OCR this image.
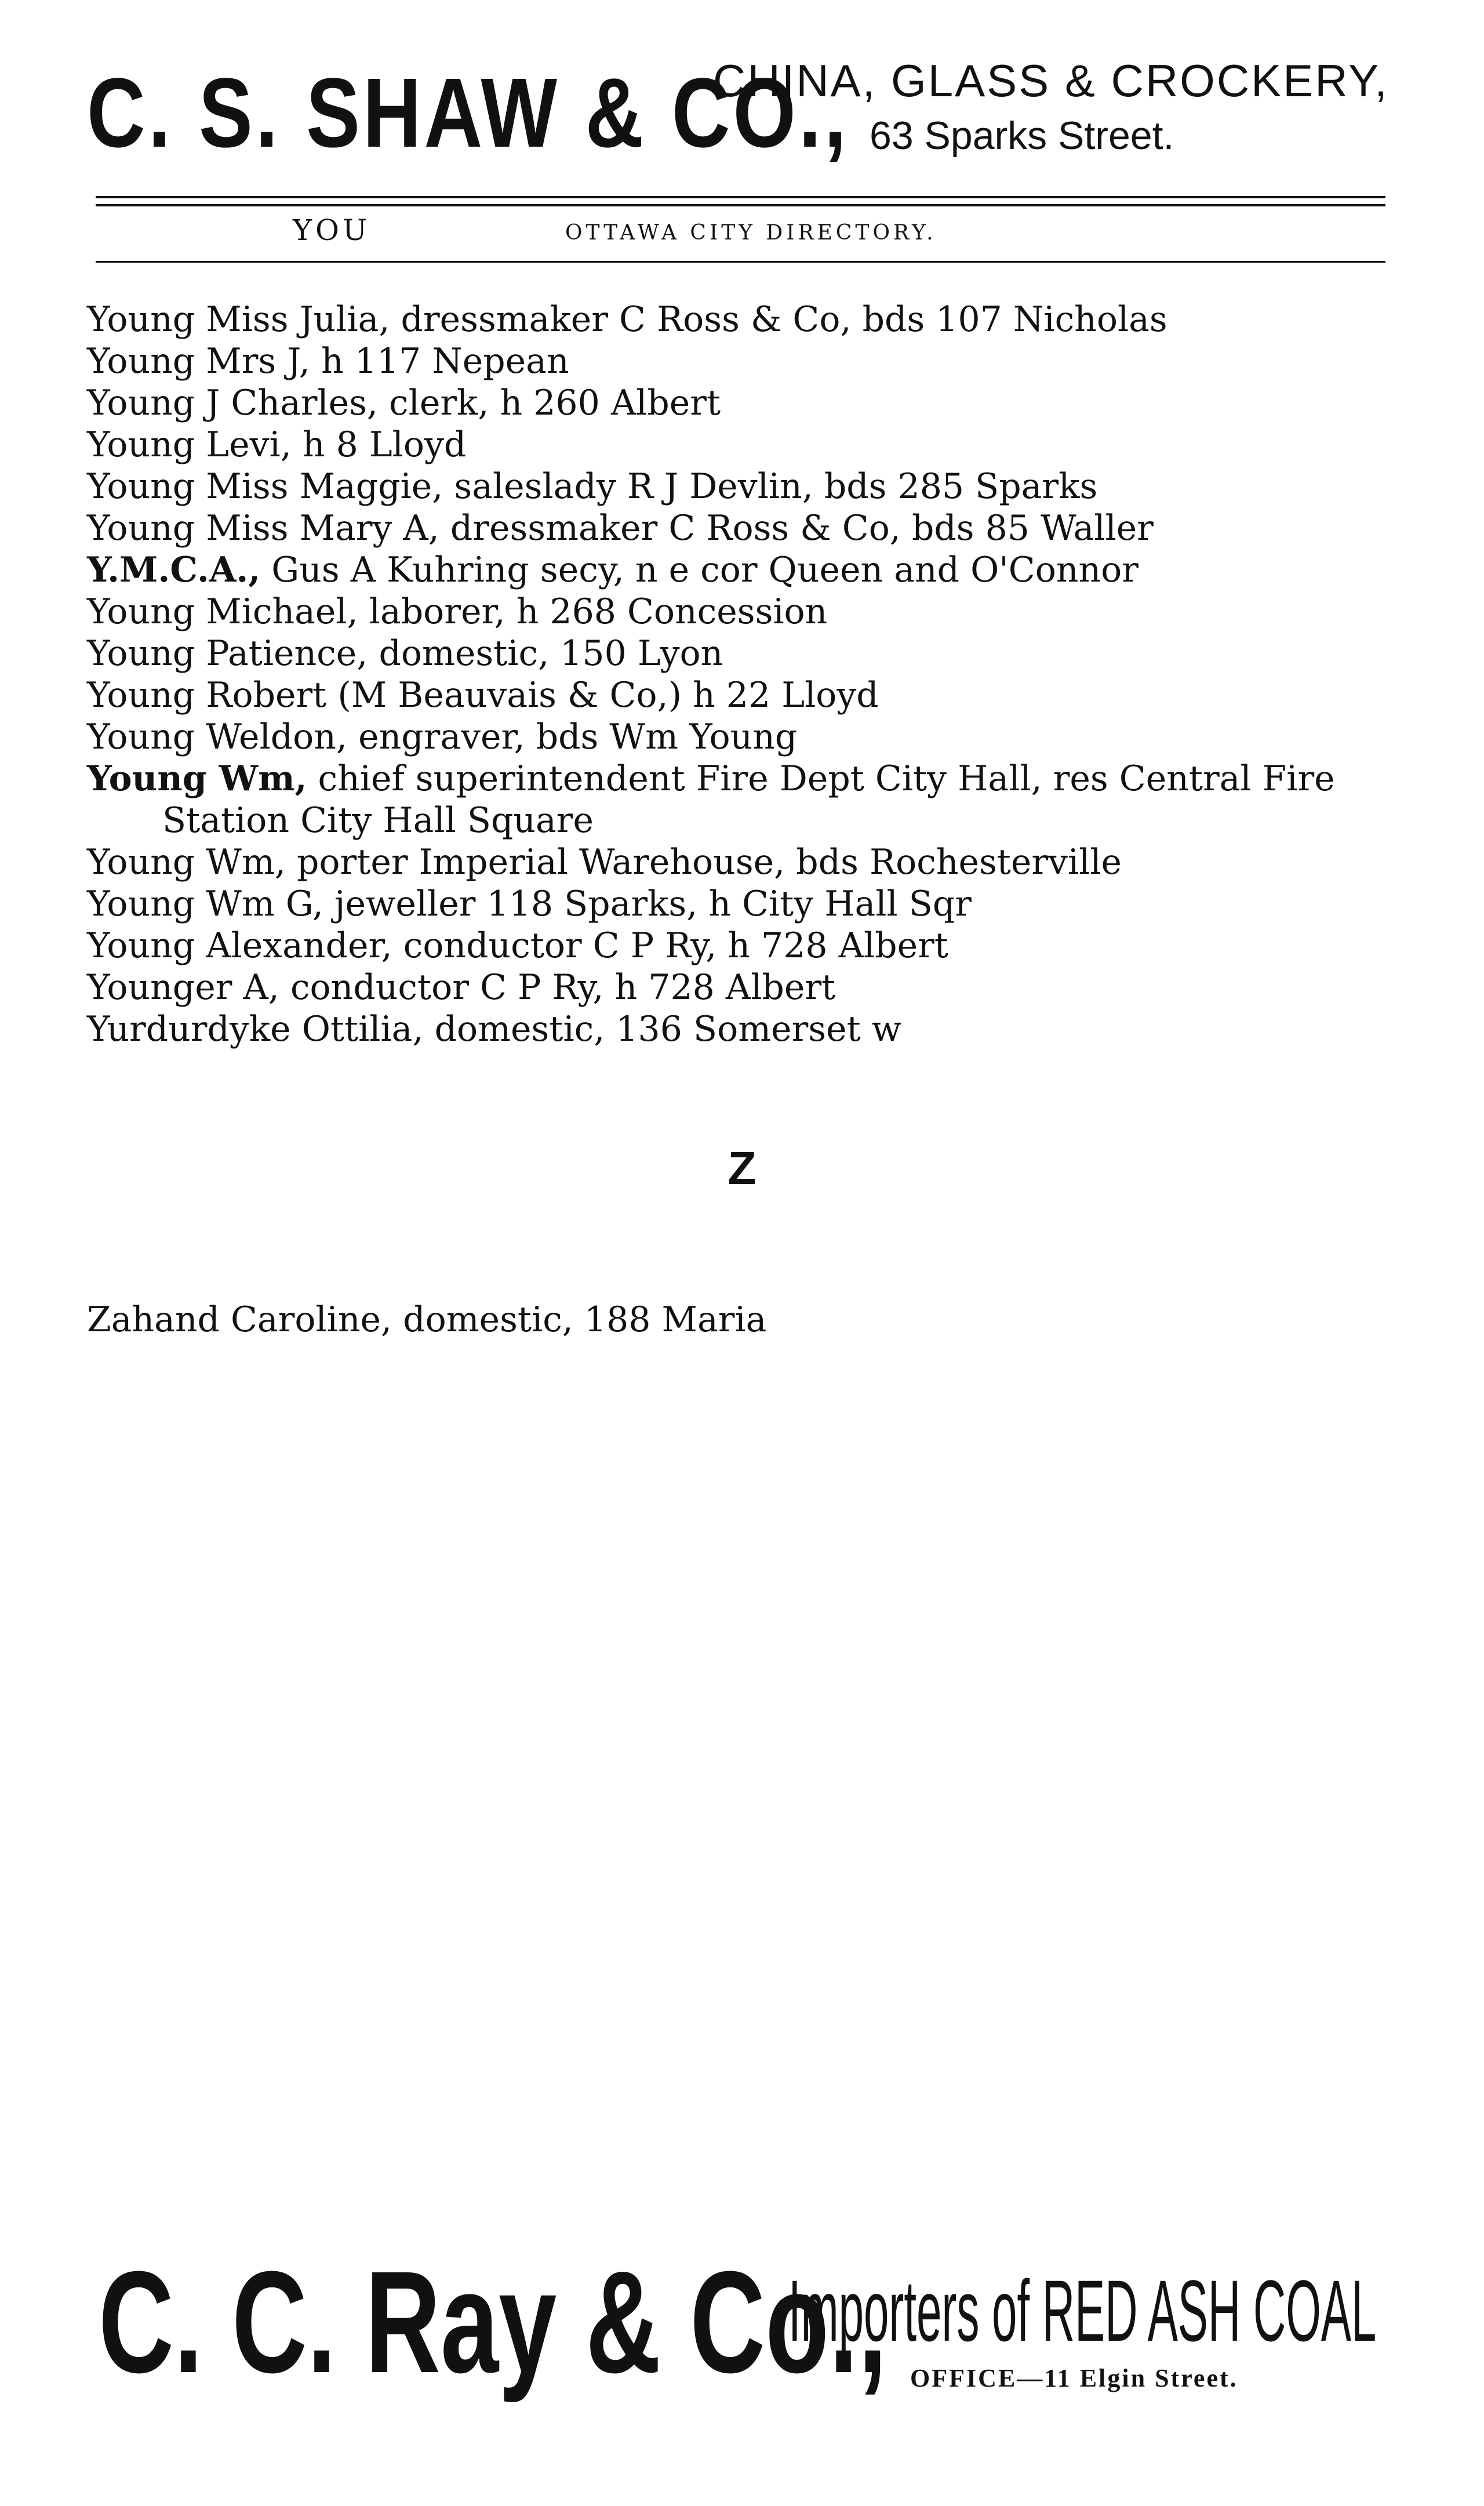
C. S. SHAW & CO.,
CHINA, GLASS & CROCKERY,
63 Sparks Street.
YOU	OTTAWA CITY DIRECTORY.
Young Miss Julia, dressmaker C Ross & Co, bds 107 Nicholas
Young Mrs J, h 117 Nepean
Young J Charles, clerk, h 260 Albert
Young Levi, h 8 Lloyd
Young Miss Maggie, saleslady R J Devlin, bds 285 Sparks
Young Miss Mary A, dressmaker C Ross & Co, bds 85 Waller
Y.M.C.A., Gus A Kuhring secy, n e cor Queen and O'Connor
Young Michael, laborer, h 268 Concession
Young Patience, domestic, 150 Lyon
Young Robert (M Beauvais & Co,) h 22 Lloyd
Young Weldon, engraver, bds Wm Young
Young Wm, chief superintendent Fire Dept City Hall, res Central Fire Station City Hall Square
Young Wm, porter Imperial Warehouse, bds Rochesterville
Young Wm G, jeweller 118 Sparks, h City Hall Sqr
Young Alexander, conductor C P Ry, h 728 Albert
Younger A, conductor C P Ry, h 728 Albert
Yurdurdyke Ottilia, domestic, 136 Somerset w
Z
Zahand Caroline, domestic, 188 Maria
C. C. Ray & Co.,
Importers of RED ASH COAL
OFFICE—11 Elgin Street.
